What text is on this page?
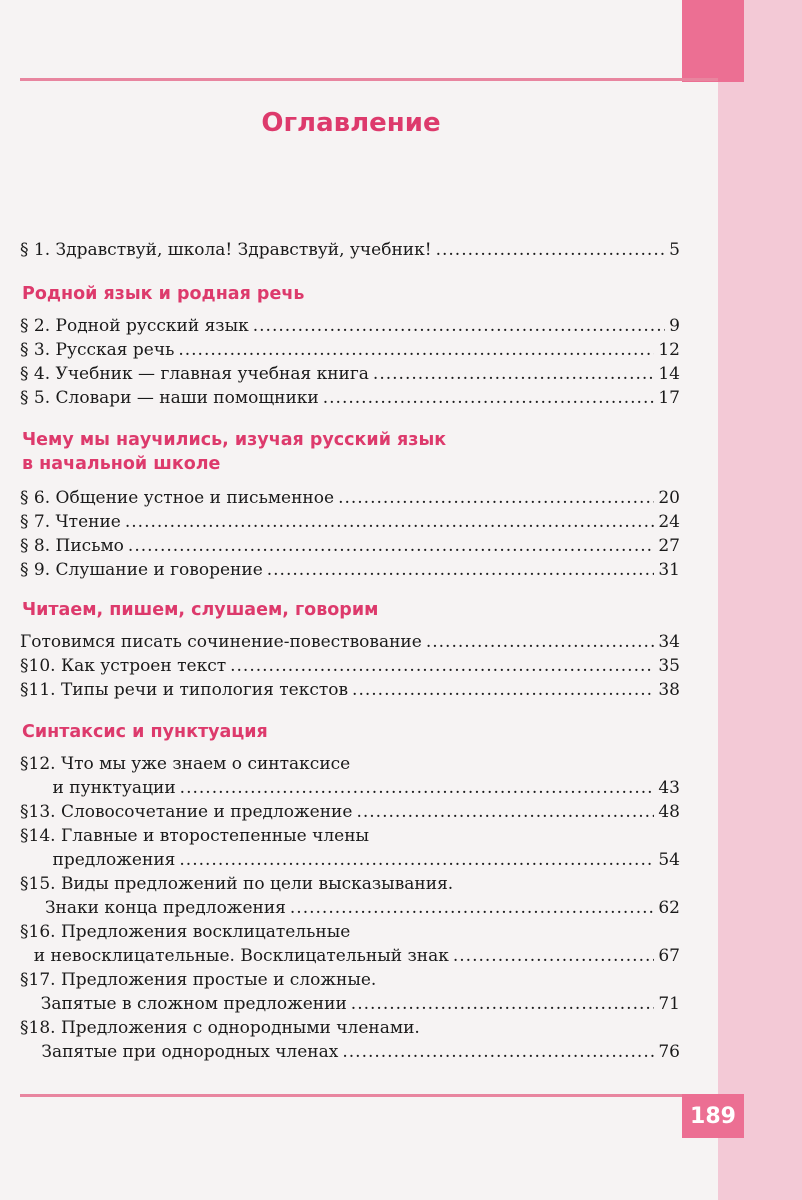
189
Оглавление
§ 1. Здравствуй, школа! Здравствуй, учебник! .....	5
Родной язык и родная речь
§ 2. Родной русский язык .....	9
§ 3. Русская речь .....	12
§ 4. Учебник — главная учебная книга .....	14
§ 5. Словари — наши помощники .....	17
Чему мы научились, изучая русский язык
в начальной школе
§ 6. Общение устное и письменное .....	20
§ 7. Чтение .....	24
§ 8. Письмо .....	27
§ 9. Слушание и говорение .....	31
Читаем, пишем, слушаем, говорим
Готовимся писать сочинение-повествование .....	34
§10. Как устроен текст .....	35
§11. Типы речи и типология текстов .....	38
Синтаксис и пунктуация
§12. Что мы уже знаем о синтаксисе
и пунктуации .....	43
§13. Словосочетание и предложение .....	48
§14. Главные и второстепенные члены
предложения .....	54
§15. Виды предложений по цели высказывания.
Знаки конца предложения .....	62
§16. Предложения восклицательные
и невосклицательные. Восклицательный знак .....	67
§17. Предложения простые и сложные.
Запятые в сложном предложении .....	71
§18. Предложения с однородными членами.
Запятые при однородных членах .....	76
